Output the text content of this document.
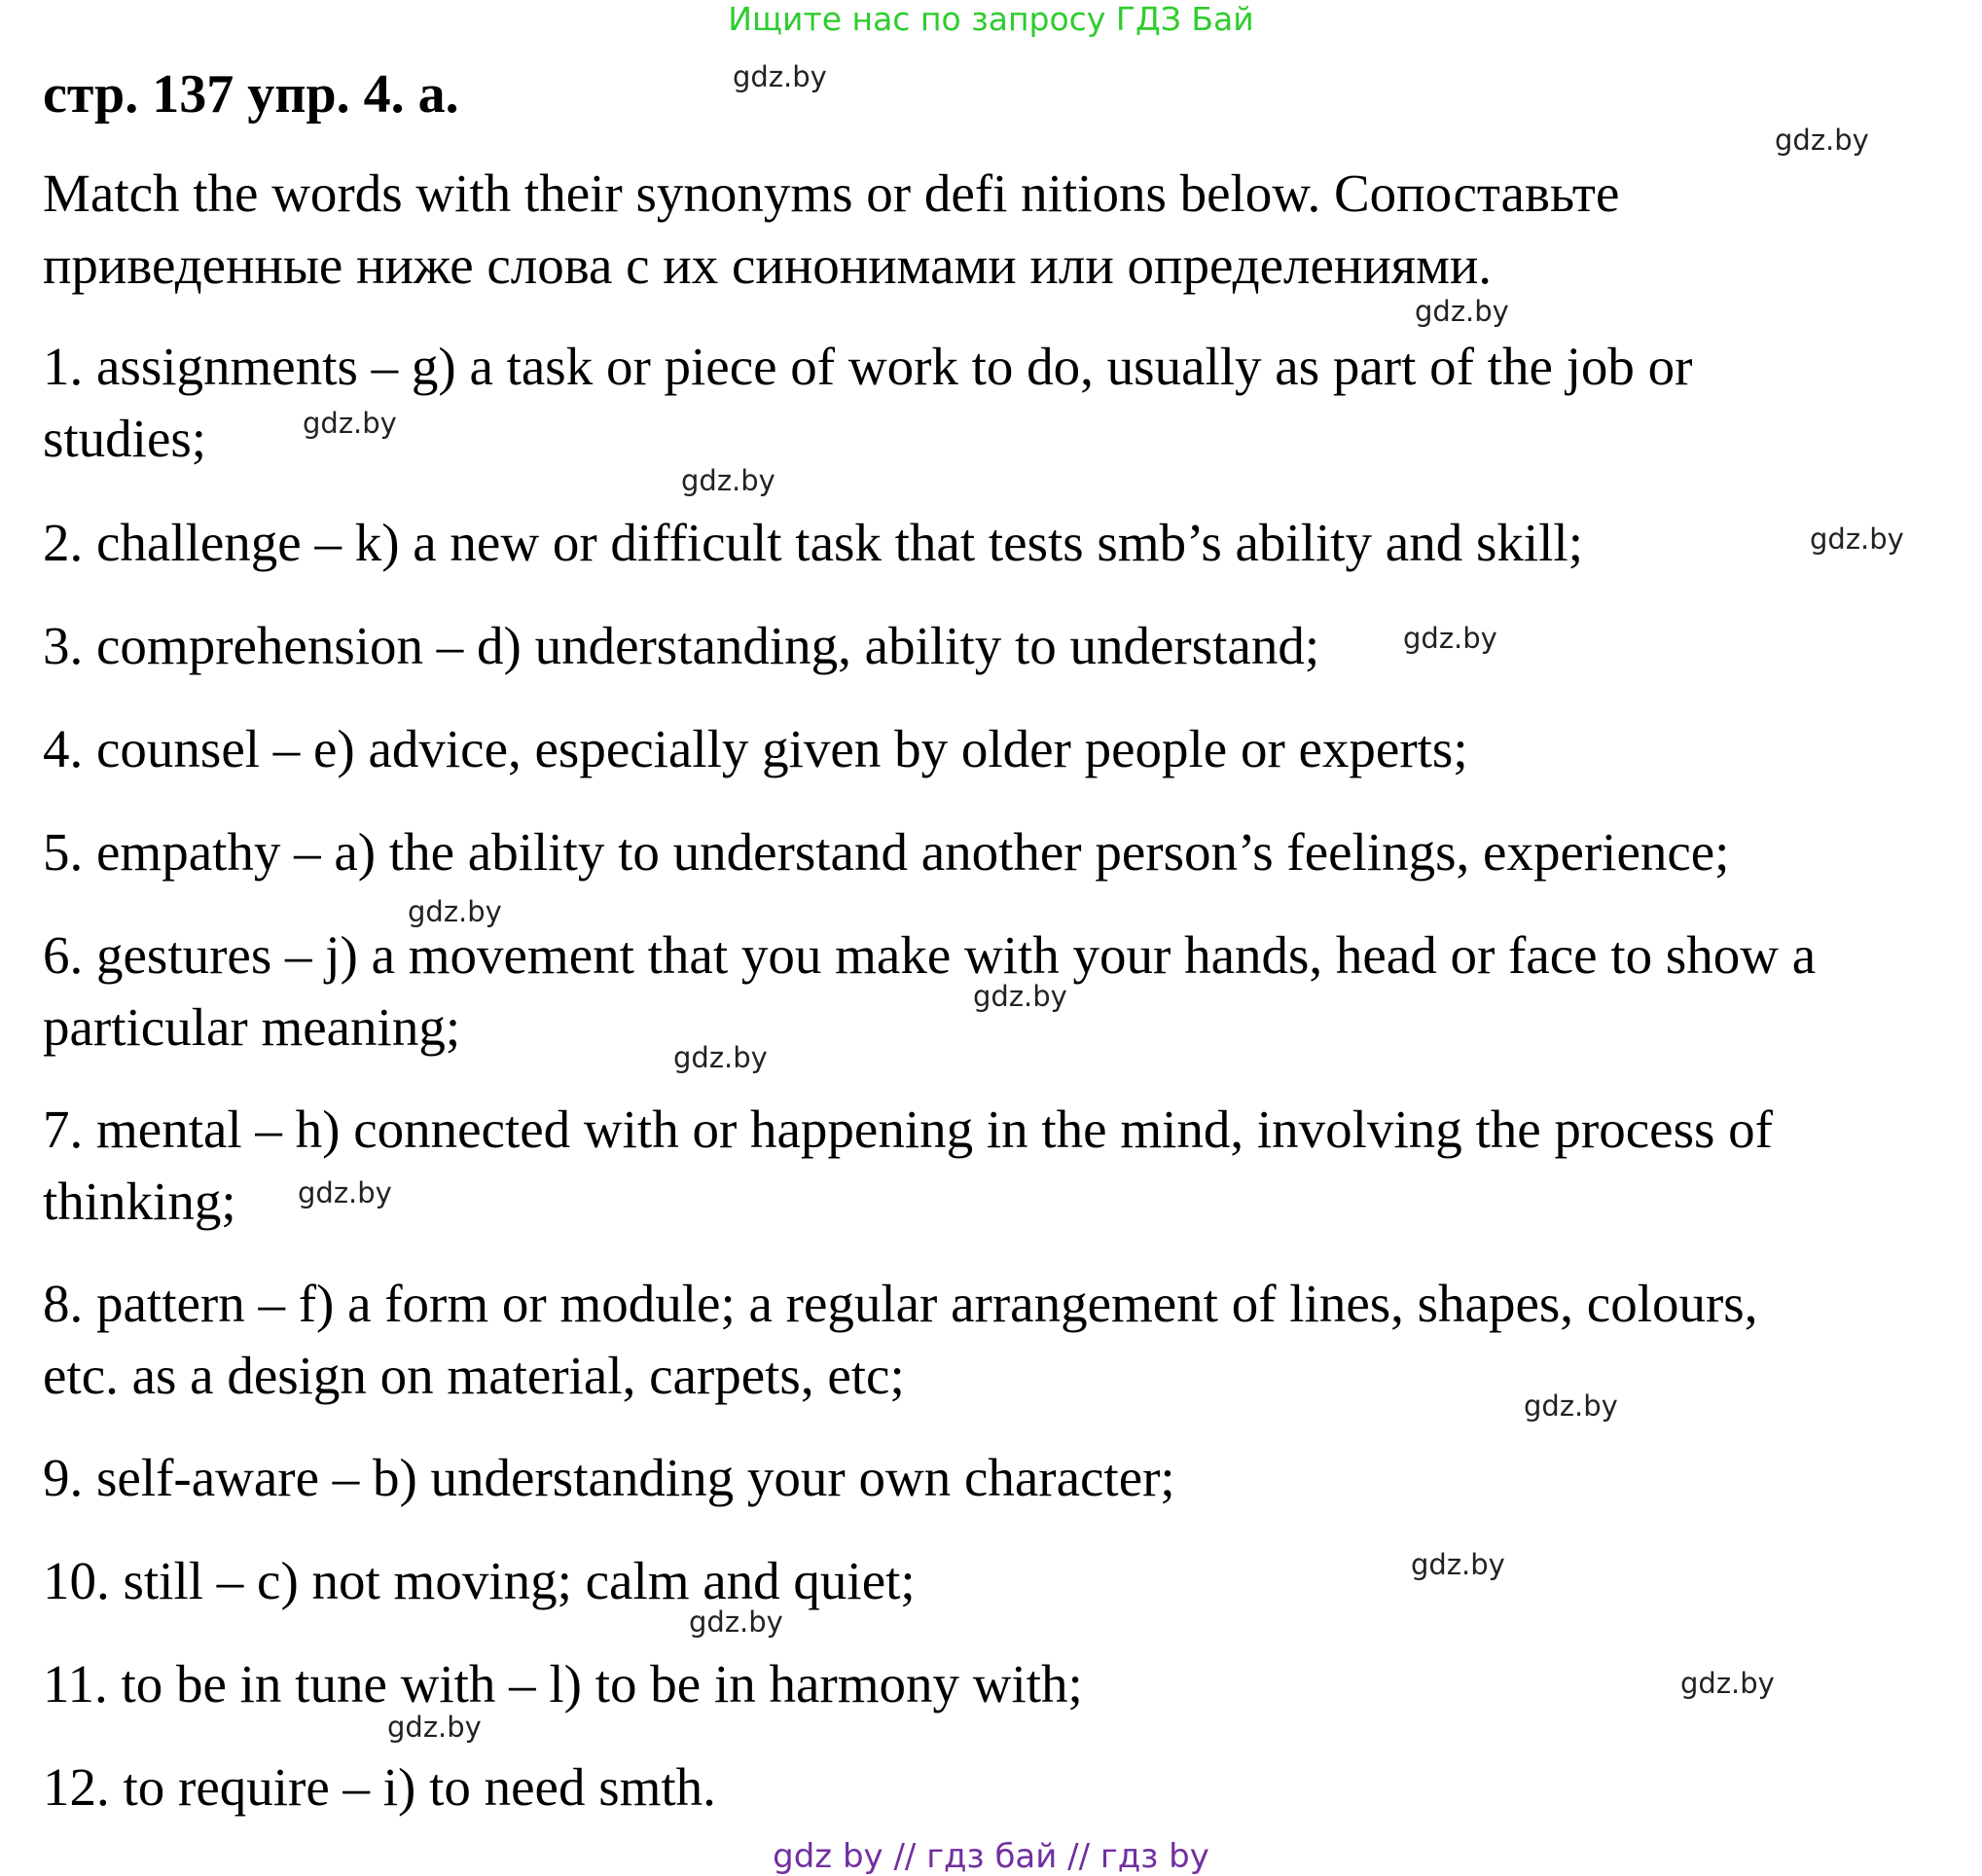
Ищите нас по запросу ГДЗ Бай
стр. 137 упр. 4. а.
Match the words with their synonyms or defi nitions below. Сопоставьте
приведенные ниже слова с их синонимами или определениями.
1. assignments – g) a task or piece of work to do, usually as part of the job or
studies;
2. challenge – k) a new or difficult task that tests smb’s ability and skill;
3. comprehension – d) understanding, ability to understand;
4. counsel – e) advice, especially given by older people or experts;
5. empathy – a) the ability to understand another person’s feelings, experience;
6. gestures – j) a movement that you make with your hands, head or face to show a
particular meaning;
7. mental – h) connected with or happening in the mind, involving the process of
thinking;
8. pattern – f) a form or module; a regular arrangement of lines, shapes, colours,
etc. as a design on material, carpets, etc;
9. self-aware – b) understanding your own character;
10. still – c) not moving; calm and quiet;
11. to be in tune with – l) to be in harmony with;
12. to require – i) to need smth.
gdz.by
gdz.by
gdz.by
gdz.by
gdz.by
gdz.by
gdz.by
gdz.by
gdz.by
gdz.by
gdz.by
gdz.by
gdz.by
gdz.by
gdz.by
gdz.by
gdz by // гдз бай // гдз by
